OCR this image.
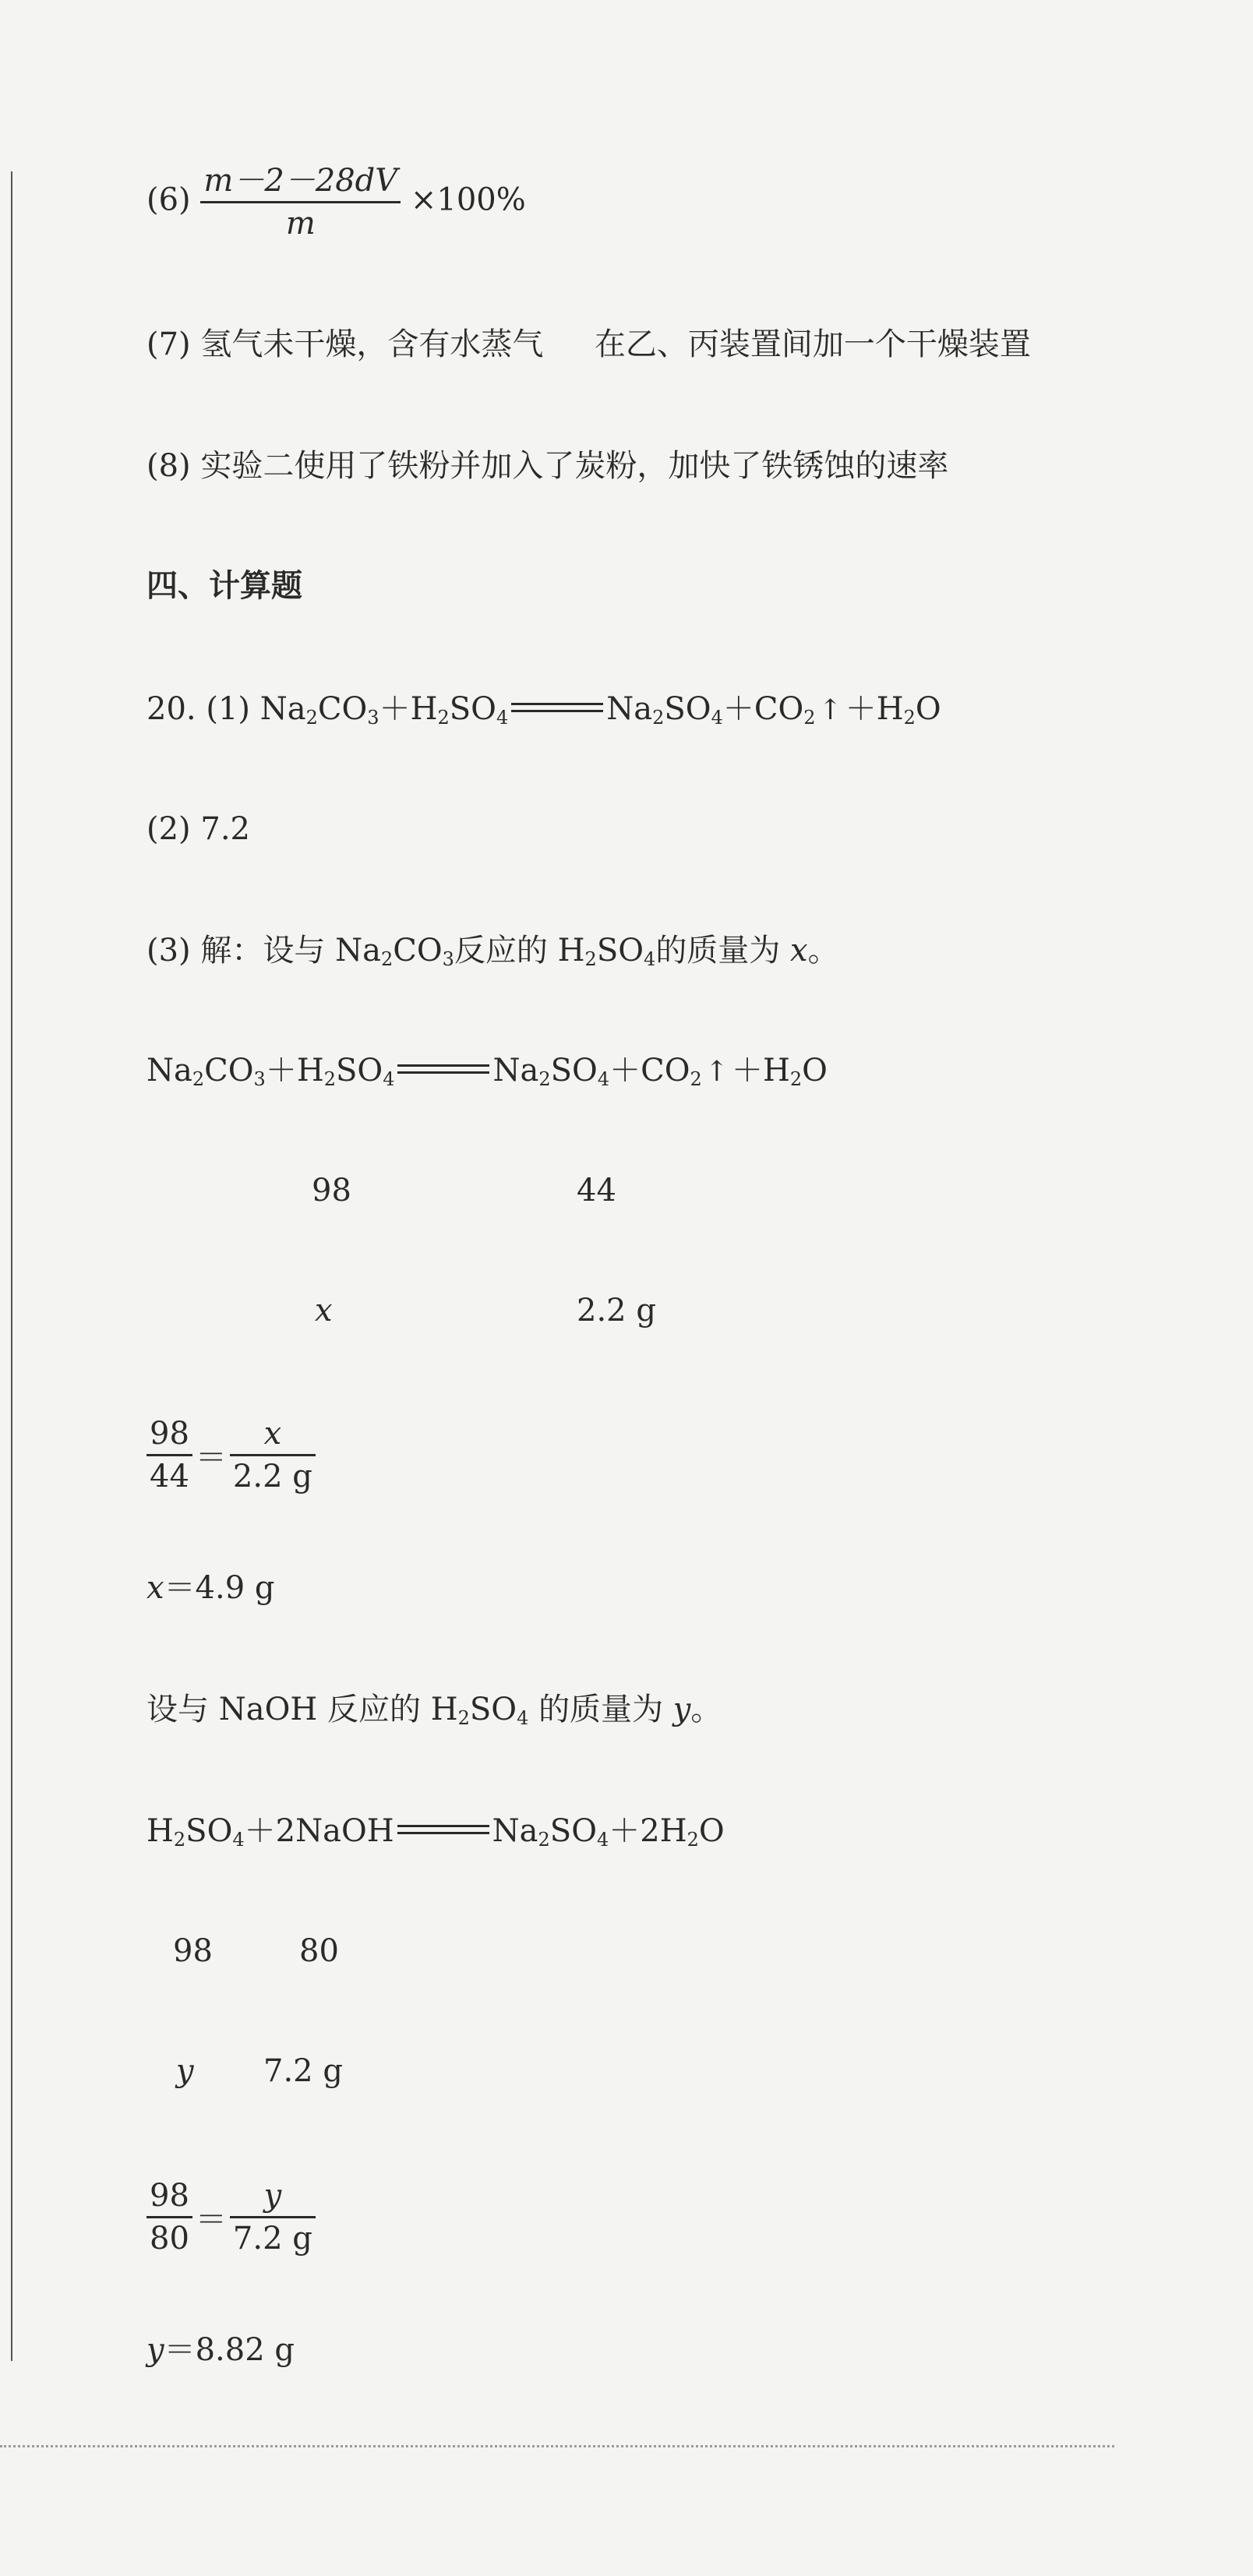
$(6) \frac{m-2-28dV}{m} \times 100\%$
(7) 氢气未干燥，含有水蒸气 在乙、丙装置间加一个干燥装置
(8) 实验二使用了铁粉并加入了炭粉，加快了铁锈蚀的速率
四、计算题
20. (1) $Na_2CO_3+H_2SO_4$	$Na_2SO_4+CO_2$ ↑ $+H_2O$
(2) 7.2
(3) 解：设与 $Na_2CO_3$反应的 $H_2SO_4$的质量为 x。
$Na_2CO_3+H_2SO_4$	$Na_2SO_4+CO_2$ ↑ $+H_2O$
98	44
x	2.2 g
$\frac{98}{44} = \frac{x}{2.2 g}$
x＝4.9 g
设与 NaOH 反应的 $H_2SO_4$ 的质量为 y。
$H_2SO_4+2NaOH$	$Na_2SO_4+2H_2O$
98	80
y 7.2 g
$\frac{98}{80} = \frac{y}{7.2 g}$
y＝8.82 g
